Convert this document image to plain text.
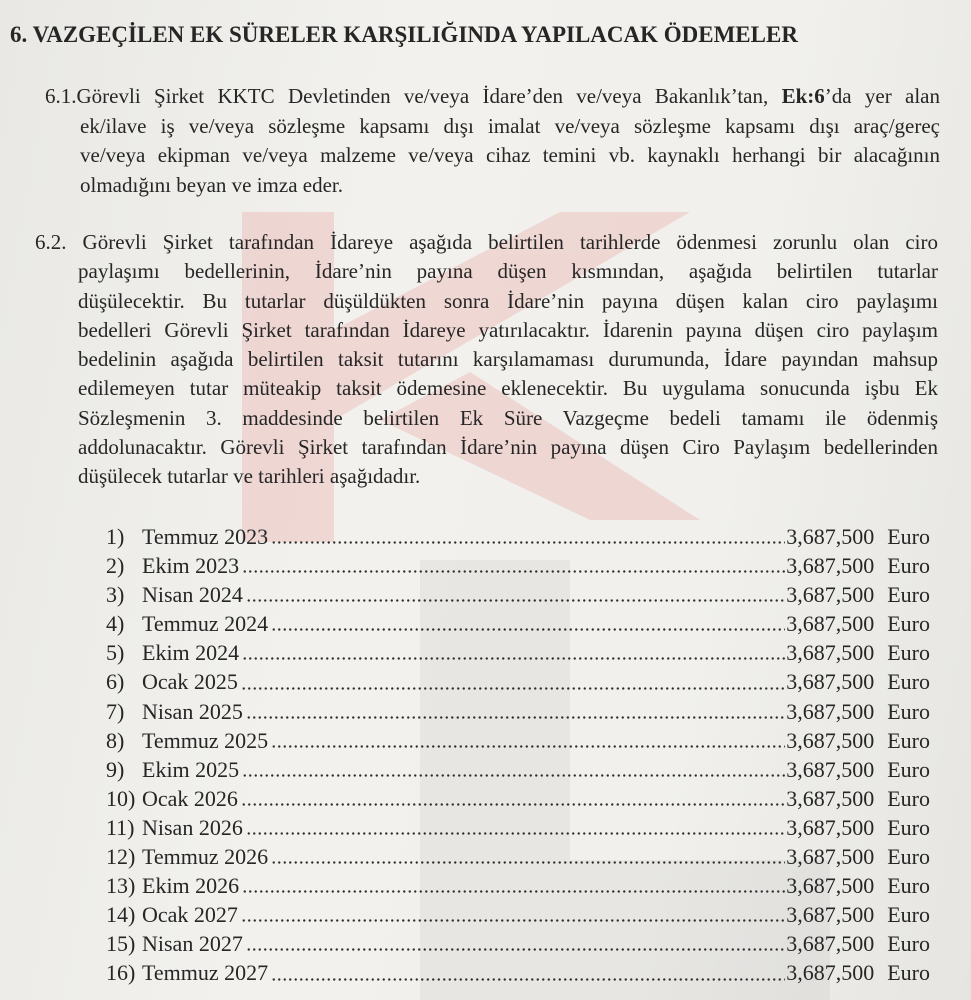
6. VAZGEÇİLEN EK SÜRELER KARŞILIĞINDA YAPILACAK ÖDEMELER
6.1.Görevli Şirket KKTC Devletinden ve/veya İdare’den ve/veya Bakanlık’tan, Ek:6’da yer alan
ek/ilave iş ve/veya sözleşme kapsamı dışı imalat ve/veya sözleşme kapsamı dışı araç/gereç
ve/veya ekipman ve/veya malzeme ve/veya cihaz temini vb. kaynaklı herhangi bir alacağının
olmadığını beyan ve imza eder.
6.2. Görevli Şirket tarafından İdareye aşağıda belirtilen tarihlerde ödenmesi zorunlu olan ciro
paylaşımı bedellerinin, İdare’nin payına düşen kısmından, aşağıda belirtilen tutarlar
düşülecektir. Bu tutarlar düşüldükten sonra İdare’nin payına düşen kalan ciro paylaşımı
bedelleri Görevli Şirket tarafından İdareye yatırılacaktır. İdarenin payına düşen ciro paylaşım
bedelinin aşağıda belirtilen taksit tutarını karşılamaması durumunda, İdare payından mahsup
edilemeyen tutar müteakip taksit ödemesine eklenecektir. Bu uygulama sonucunda işbu Ek
Sözleşmenin 3. maddesinde belirtilen Ek Süre Vazgeçme bedeli tamamı ile ödenmiş
addolunacaktır. Görevli Şirket tarafından İdare’nin payına düşen Ciro Paylaşım bedellerinden
düşülecek tutarlar ve tarihleri aşağıdadır.
1) Temmuz 2023	3,687,500 Euro
2) Ekim 2023	3,687,500 Euro
3) Nisan 2024	3,687,500 Euro
4) Temmuz 2024	3,687,500 Euro
5) Ekim 2024	3,687,500 Euro
6) Ocak 2025	3,687,500 Euro
7) Nisan 2025	3,687,500 Euro
8) Temmuz 2025	3,687,500 Euro
9) Ekim 2025	3,687,500 Euro
10) Ocak 2026	3,687,500 Euro
11) Nisan 2026	3,687,500 Euro
12) Temmuz 2026	3,687,500 Euro
13) Ekim 2026	3,687,500 Euro
14) Ocak 2027	3,687,500 Euro
15) Nisan 2027	3,687,500 Euro
16) Temmuz 2027	3,687,500 Euro
